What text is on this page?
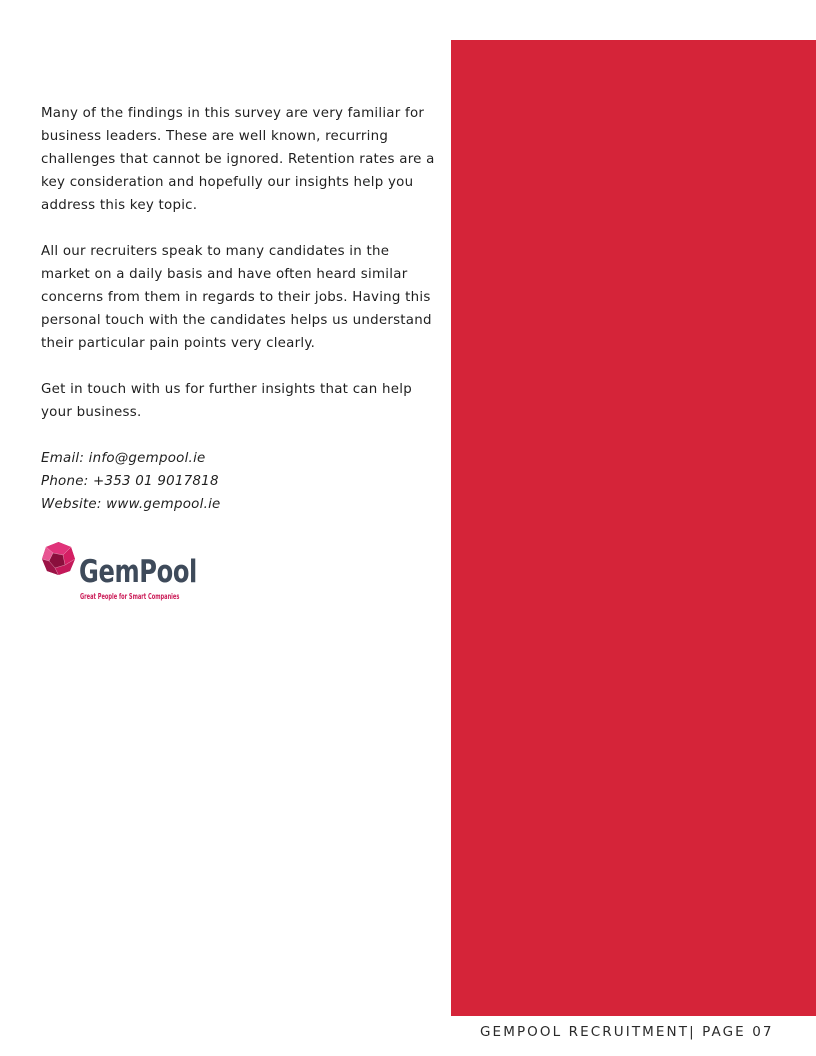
Many of the findings in this survey are very familiar for business leaders. These are well known, recurring challenges that cannot be ignored. Retention rates are a key consideration and hopefully our insights help you address this key topic.

All our recruiters speak to many candidates in the market on a daily basis and have often heard similar concerns from them in regards to their jobs. Having this personal touch with the candidates helps us understand their particular pain points very clearly.

Get in touch with us for further insights that can help your business.

Email: info@gempool.ie

Phone: +353 01 9017818

Website: www.gempool.ie

GemPool
Great People for Smart Companies
GEMPOOL RECRUITMENT| PAGE 07
